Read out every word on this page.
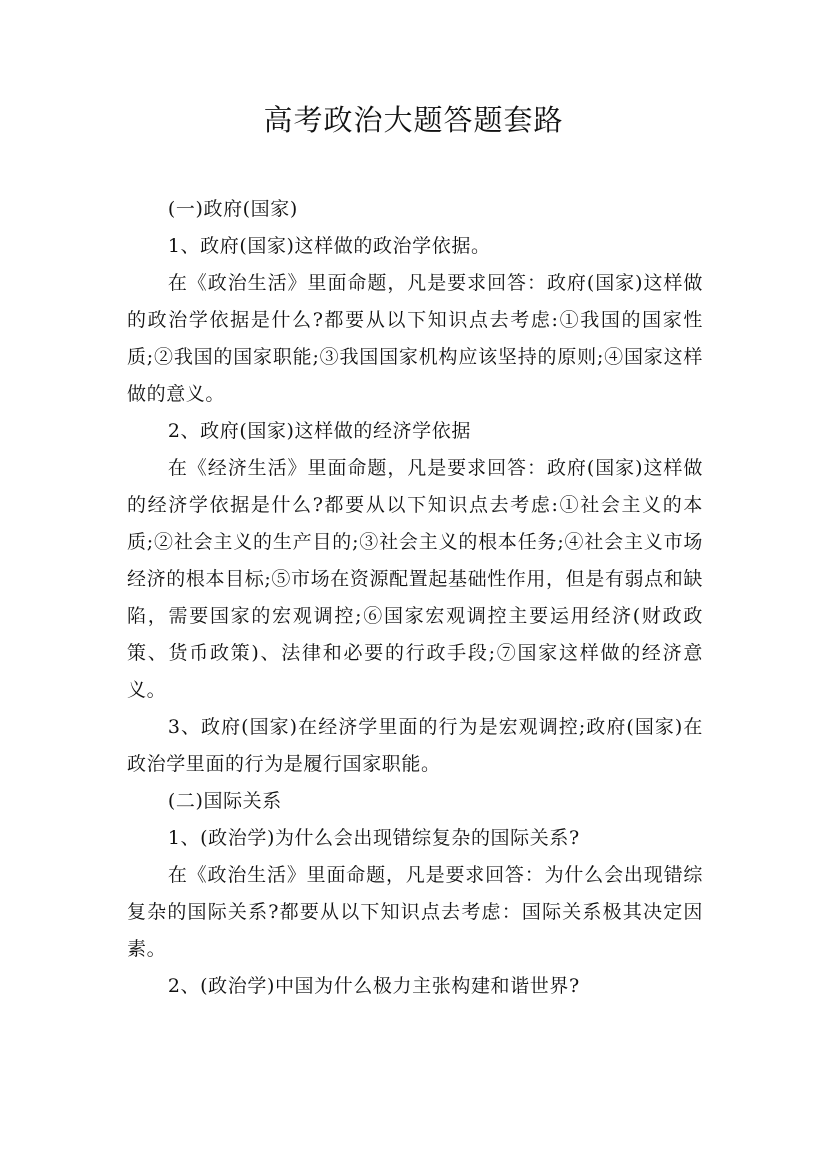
高考政治大题答题套路

(一)政府(国家)

1、政府(国家)这样做的政治学依据。

在《政治生活》里面命题，凡是要求回答：政府(国家)这样做的政治学依据是什么?都要从以下知识点去考虑:①我国的国家性质;②我国的国家职能;③我国国家机构应该坚持的原则;④国家这样做的意义。

2、政府(国家)这样做的经济学依据

在《经济生活》里面命题，凡是要求回答：政府(国家)这样做的经济学依据是什么?都要从以下知识点去考虑:①社会主义的本质;②社会主义的生产目的;③社会主义的根本任务;④社会主义市场经济的根本目标;⑤市场在资源配置起基础性作用，但是有弱点和缺陷，需要国家的宏观调控;⑥国家宏观调控主要运用经济(财政政策、货币政策)、法律和必要的行政手段;⑦国家这样做的经济意义。

3、政府(国家)在经济学里面的行为是宏观调控;政府(国家)在政治学里面的行为是履行国家职能。

(二)国际关系

1、(政治学)为什么会出现错综复杂的国际关系?

在《政治生活》里面命题，凡是要求回答：为什么会出现错综复杂的国际关系?都要从以下知识点去考虑：国际关系极其决定因素。

2、(政治学)中国为什么极力主张构建和谐世界?
